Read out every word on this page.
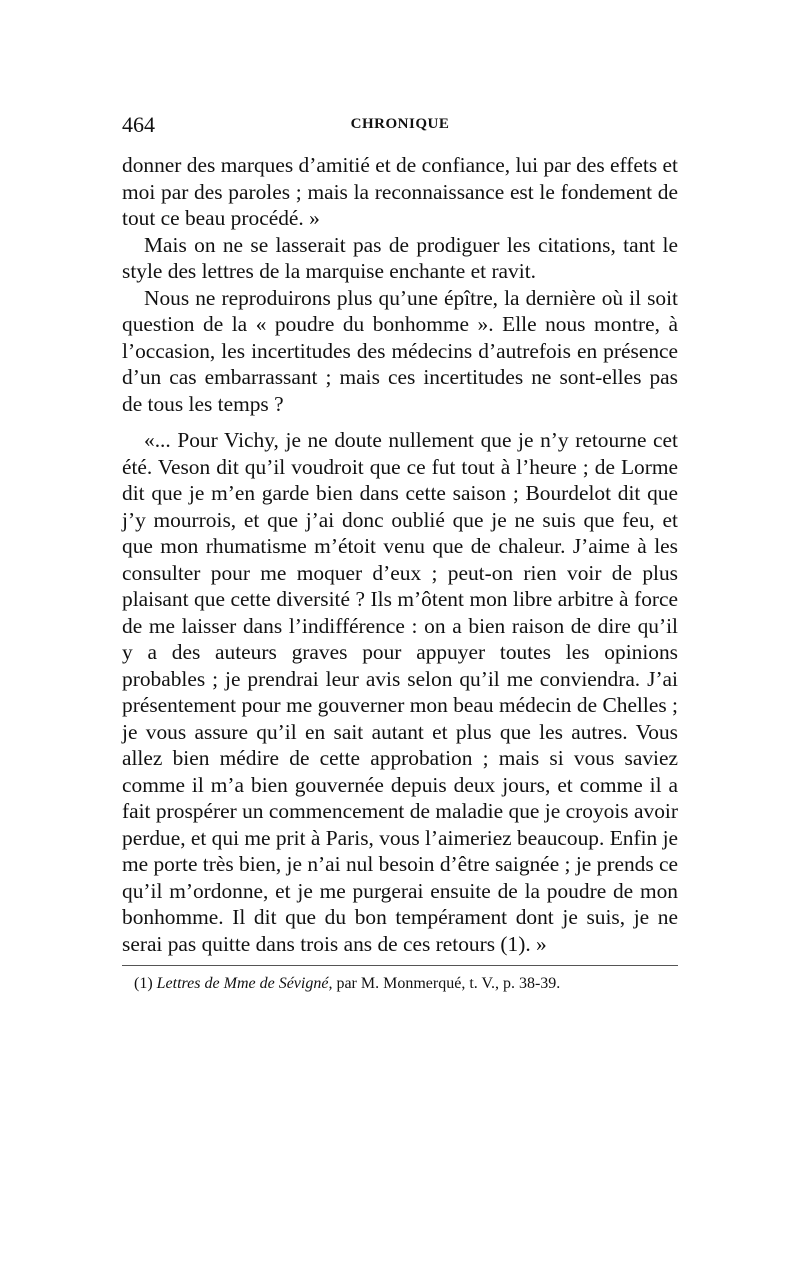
464	CHRONIQUE

donner des marques d’amitié et de confiance, lui par des effets et moi par des paroles ; mais la reconnaissance est le fondement de tout ce beau procédé. »

Mais on ne se lasserait pas de prodiguer les citations, tant le style des lettres de la marquise enchante et ravit.

Nous ne reproduirons plus qu’une épître, la dernière où il soit question de la « poudre du bonhomme ». Elle nous montre, à l’occasion, les incertitudes des médecins d’autrefois en présence d’un cas embarrassant ; mais ces incertitudes ne sont-elles pas de tous les temps ?

«... Pour Vichy, je ne doute nullement que je n’y retourne cet été. Veson dit qu’il voudroit que ce fut tout à l’heure ; de Lorme dit que je m’en garde bien dans cette saison ; Bourdelot dit que j’y mourrois, et que j’ai donc oublié que je ne suis que feu, et que mon rhumatisme m’étoit venu que de chaleur. J’aime à les consulter pour me moquer d’eux ; peut-on rien voir de plus plaisant que cette diversité ? Ils m’ôtent mon libre arbitre à force de me laisser dans l’indifférence : on a bien raison de dire qu’il y a des auteurs graves pour appuyer toutes les opinions probables ; je prendrai leur avis selon qu’il me conviendra. J’ai présentement pour me gouverner mon beau médecin de Chelles ; je vous assure qu’il en sait autant et plus que les autres. Vous allez bien médire de cette approbation ; mais si vous saviez comme il m’a bien gouvernée depuis deux jours, et comme il a fait prospérer un commencement de maladie que je croyois avoir perdue, et qui me prit à Paris, vous l’aimeriez beaucoup. Enfin je me porte très bien, je n’ai nul besoin d’être saignée ; je prends ce qu’il m’ordonne, et je me purgerai ensuite de la poudre de mon bonhomme. Il dit que du bon tempérament dont je suis, je ne serai pas quitte dans trois ans de ces retours (1). »

(1) Lettres de Mme de Sévigné, par M. Monmerqué, t. V., p. 38-39.
